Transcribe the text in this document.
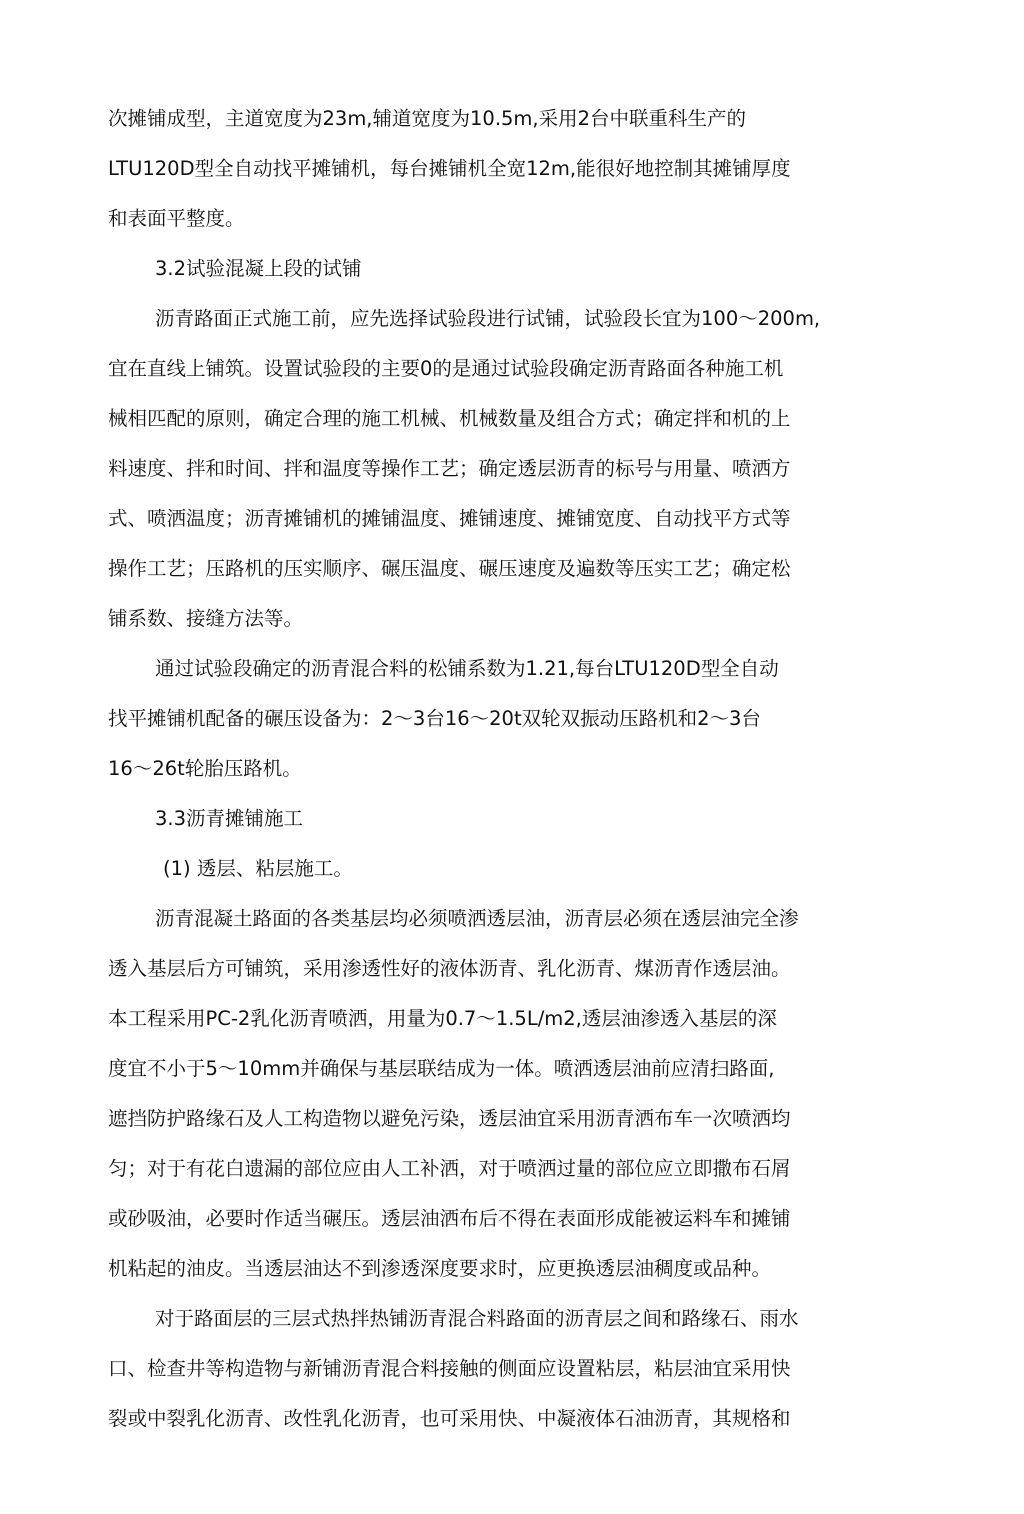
次摊铺成型，主道宽度为23m,辅道宽度为10.5m,采用2台中联重科生产的
LTU120D型全自动找平摊铺机，每台摊铺机全宽12m,能很好地控制其摊铺厚度
和表面平整度。
3.2试验混凝上段的试铺
沥青路面正式施工前，应先选择试验段进行试铺，试验段长宜为100～200m,
宜在直线上铺筑。设置试验段的主要0的是通过试验段确定沥青路面各种施工机
械相匹配的原则，确定合理的施工机械、机械数量及组合方式；确定拌和机的上
料速度、拌和时间、拌和温度等操作工艺；确定透层沥青的标号与用量、喷洒方
式、喷洒温度；沥青摊铺机的摊铺温度、摊铺速度、摊铺宽度、自动找平方式等
操作工艺；压路机的压实顺序、碾压温度、碾压速度及遍数等压实工艺；确定松
铺系数、接缝方法等。
通过试验段确定的沥青混合料的松铺系数为1.21,每台LTU120D型全自动
找平摊铺机配备的碾压设备为：2～3台16～20t双轮双振动压路机和2～3台
16～26t轮胎压路机。
3.3沥青摊铺施工
(1) 透层、粘层施工。
沥青混凝土路面的各类基层均必须喷洒透层油，沥青层必须在透层油完全渗
透入基层后方可铺筑，采用渗透性好的液体沥青、乳化沥青、煤沥青作透层油。
本工程采用PC-2乳化沥青喷洒，用量为0.7～1.5L/m2,透层油渗透入基层的深
度宜不小于5～10mm并确保与基层联结成为一体。喷洒透层油前应清扫路面,
遮挡防护路缘石及人工构造物以避免污染，透层油宜采用沥青洒布车一次喷洒均
匀；对于有花白遗漏的部位应由人工补洒，对于喷洒过量的部位应立即撒布石屑
或砂吸油，必要时作适当碾压。透层油洒布后不得在表面形成能被运料车和摊铺
机粘起的油皮。当透层油达不到渗透深度要求时，应更换透层油稠度或品种。
对于路面层的三层式热拌热铺沥青混合料路面的沥青层之间和路缘石、雨水
口、检查井等构造物与新铺沥青混合料接触的侧面应设置粘层，粘层油宜采用快
裂或中裂乳化沥青、改性乳化沥青，也可采用快、中凝液体石油沥青，其规格和
